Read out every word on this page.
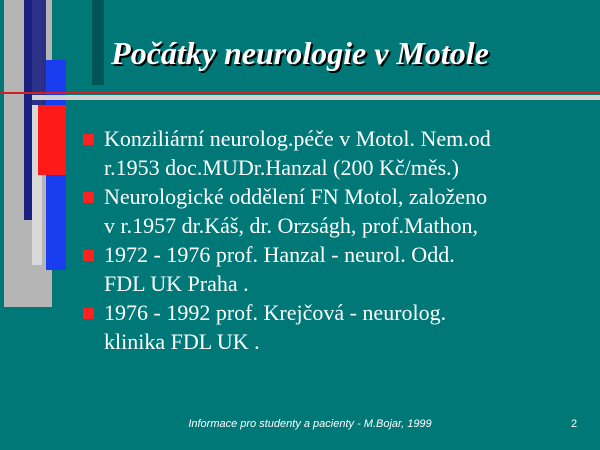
Počátky neurologie v Motole
Konziliární neurolog.péče v Motol. Nem.od
r.1953 doc.MUDr.Hanzal (200 Kč/měs.)
Neurologické oddělení FN Motol, založeno
v r.1957 dr.Káš, dr. Orzságh, prof.Mathon,
1972 - 1976 prof. Hanzal - neurol. Odd.
FDL UK Praha .
1976 - 1992 prof. Krejčová - neurolog.
klinika FDL UK .
Informace pro studenty a pacienty - M.Bojar, 1999	2
